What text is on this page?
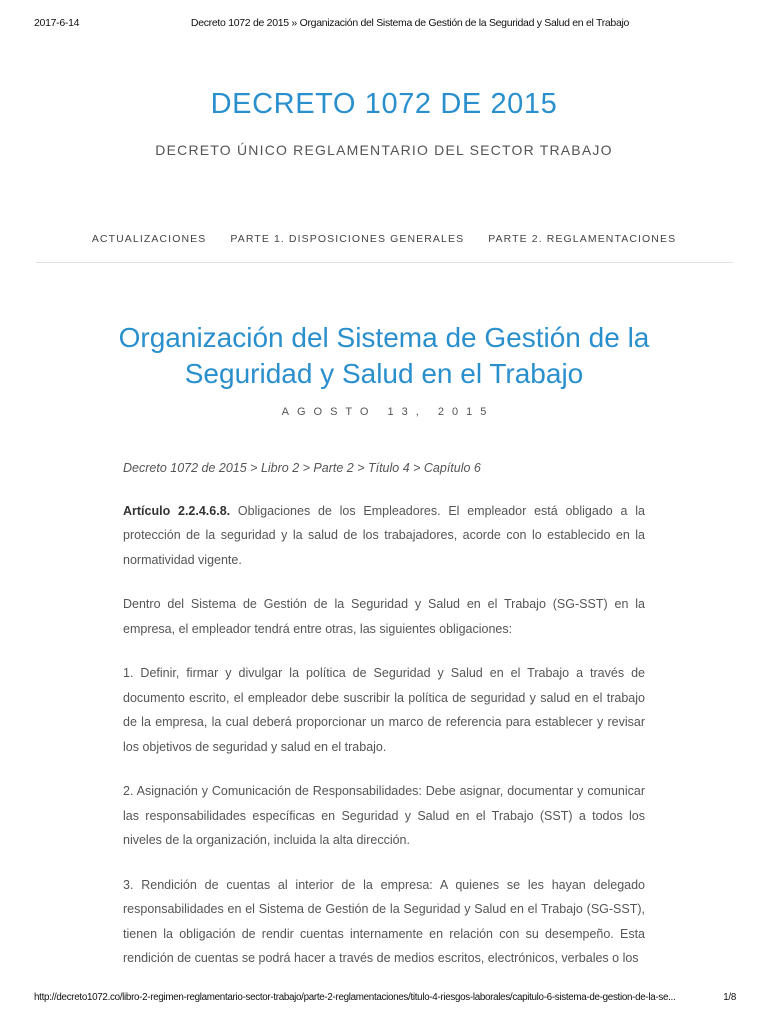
2017-6-14	Decreto 1072 de 2015 » Organización del Sistema de Gestión de la Seguridad y Salud en el Trabajo
DECRETO 1072 DE 2015
DECRETO ÚNICO REGLAMENTARIO DEL SECTOR TRABAJO
ACTUALIZACIONES PARTE 1. DISPOSICIONES GENERALES PARTE 2. REGLAMENTACIONES
Organización del Sistema de Gestión de la Seguridad y Salud en el Trabajo
AGOSTO 13, 2015

Decreto 1072 de 2015 > Libro 2 > Parte 2 > Título 4 > Capítulo 6

Artículo 2.2.4.6.8. Obligaciones de los Empleadores. El empleador está obligado a la protección de la seguridad y la salud de los trabajadores, acorde con lo establecido en la normatividad vigente.

Dentro del Sistema de Gestión de la Seguridad y Salud en el Trabajo (SG-SST) en la empresa, el empleador tendrá entre otras, las siguientes obligaciones:

1. Definir, firmar y divulgar la política de Seguridad y Salud en el Trabajo a través de documento escrito, el empleador debe suscribir la política de seguridad y salud en el trabajo de la empresa, la cual deberá proporcionar un marco de referencia para establecer y revisar los objetivos de seguridad y salud en el trabajo.

2. Asignación y Comunicación de Responsabilidades: Debe asignar, documentar y comunicar las responsabilidades específicas en Seguridad y Salud en el Trabajo (SST) a todos los niveles de la organización, incluida la alta dirección.

3. Rendición de cuentas al interior de la empresa: A quienes se les hayan delegado responsabilidades en el Sistema de Gestión de la Seguridad y Salud en el Trabajo (SG-SST), tienen la obligación de rendir cuentas internamente en relación con su desempeño. Esta rendición de cuentas se podrá hacer a través de medios escritos, electrónicos, verbales o los

http://decreto1072.co/libro-2-regimen-reglamentario-sector-trabajo/parte-2-reglamentaciones/titulo-4-riesgos-laborales/capitulo-6-sistema-de-gestion-de-la-se...	1/8
